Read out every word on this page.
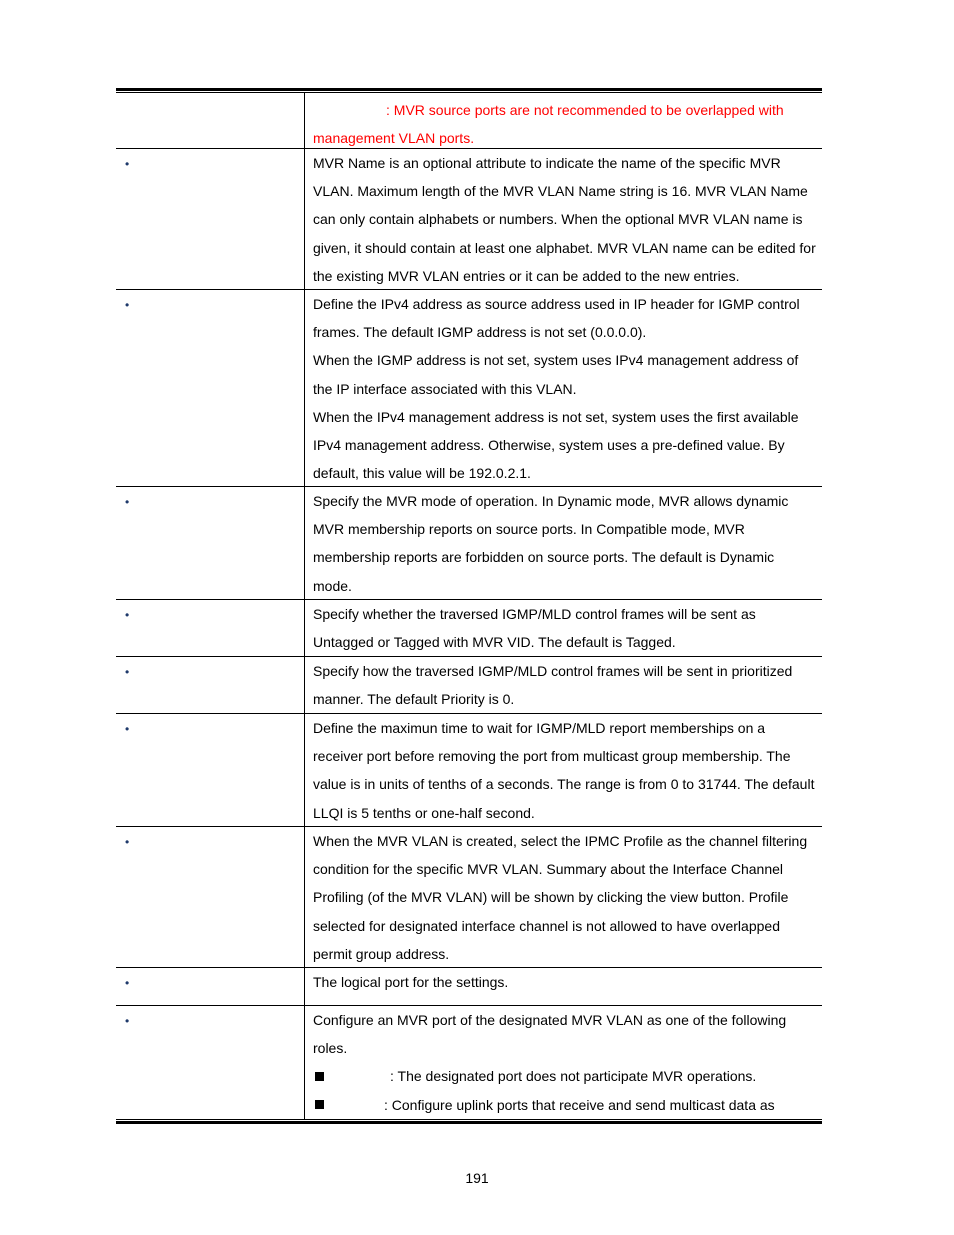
: MVR source ports are not recommended to be overlapped with management VLAN ports.
•	MVR Name is an optional attribute to indicate the name of the specific MVR VLAN. Maximum length of the MVR VLAN Name string is 16. MVR VLAN Name can only contain alphabets or numbers. When the optional MVR VLAN name is given, it should contain at least one alphabet. MVR VLAN name can be edited for the existing MVR VLAN entries or it can be added to the new entries.
•	Define the IPv4 address as source address used in IP header for IGMP control frames. The default IGMP address is not set (0.0.0.0).
When the IGMP address is not set, system uses IPv4 management address of the IP interface associated with this VLAN.
When the IPv4 management address is not set, system uses the first available IPv4 management address. Otherwise, system uses a pre-defined value. By default, this value will be 192.0.2.1.
•	Specify the MVR mode of operation. In Dynamic mode, MVR allows dynamic MVR membership reports on source ports. In Compatible mode, MVR membership reports are forbidden on source ports. The default is Dynamic mode.
•	Specify whether the traversed IGMP/MLD control frames will be sent as Untagged or Tagged with MVR VID. The default is Tagged.
•	Specify how the traversed IGMP/MLD control frames will be sent in prioritized manner. The default Priority is 0.
•	Define the maximun time to wait for IGMP/MLD report memberships on a receiver port before removing the port from multicast group membership. The value is in units of tenths of a seconds. The range is from 0 to 31744. The default LLQI is 5 tenths or one-half second.
•	When the MVR VLAN is created, select the IPMC Profile as the channel filtering condition for the specific MVR VLAN. Summary about the Interface Channel Profiling (of the MVR VLAN) will be shown by clicking the view button. Profile selected for designated interface channel is not allowed to have overlapped permit group address.
•	The logical port for the settings.
•	Configure an MVR port of the designated MVR VLAN as one of the following roles.
: The designated port does not participate MVR operations.
: Configure uplink ports that receive and send multicast data as
191
